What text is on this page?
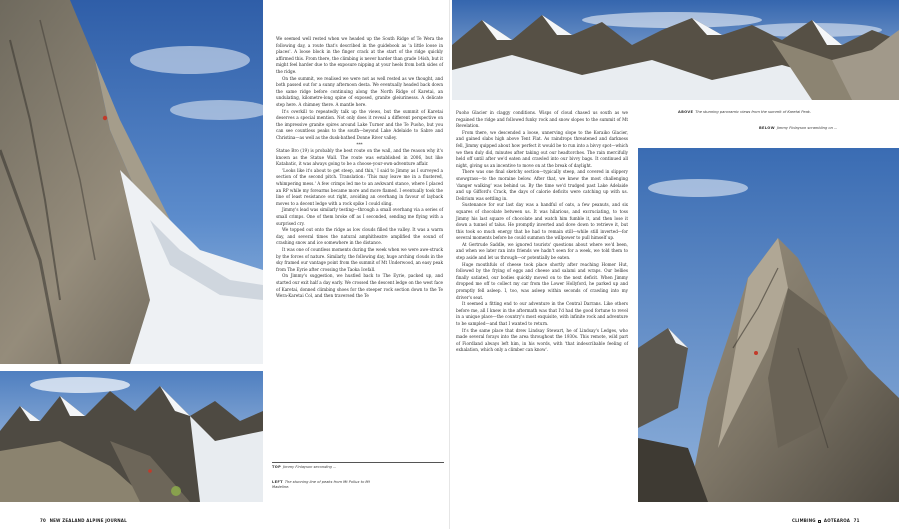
We seemed well rested when we headed up the South Ridge of Te Wera the following day, a route that's described in the guidebook as 'a little loose in places'. A loose block in the finger crack at the start of the ridge quickly affirmed this. From there, the climbing is never harder than grade 14ish, but it might feel harder due to the exposure nipping at your heels from both sides of the ridge.

On the summit, we realised we were not as well rested as we thought, and both passed out for a sunny afternoon desta. We eventually headed back down the same ridge before continuing along the North Ridge of Karetai, an undulating, kilometre-long spine of exposed, granite gleiurinesss. A delicate step here. A chimney there. A mantle here.

It's overkill to repeatedly talk up the views, but the summit of Karetai deserves a special mention. Not only does it reveal a different perspective on the impressive granite spires around Lake Turner and the Te Puoho, but you can see countless peaks to the south—beyond Lake Adelaide to Sabre and Christina—as well as the dusk-bathed Donne River valley.

***

Statue Bro (19) is probably the best route on the wall, and the reason why it's known as the Statue Wall. The route was established in 2006, but like Katabatic, it was always going to be a choose-your-own-adventure affair.

'Looks like it's about to get steep, and thin,' I said to Jimmy as I surveyed a section of the second pitch. Translation: 'This may leave me in a flustered, whimpering mess.' A few crimps led me to an awkward stance, where I placed an RP while my forearms became more and more flamed. I eventually took the line of least resistance out right, avoiding an overhang in favour of layback moves to a decent ledge with a rock spike I could sling.

Jimmy's lead was similarly testing—through a small overhang via a series of small crimps. One of them broke off as I seconded, sending me flying with a surprised cry.

We topped out onto the ridge as low clouds filled the valley. It was a warm day, and several times the natural amphitheatre amplified the sound of crashing snow and ice somewhere in the distance.

It was one of countless moments during the week when we were awe-struck by the forces of nature. Similarly, the following day, huge arching clouds in the sky framed our vantage point from the summit of Mt Underwood, an easy peak from The Eyrie after crossing the Taoka Icefall.

On Jimmy's suggestion, we hustled back to The Eyrie, packed up, and started our exit half a day early. We crossed the descent ledge on the west face of Karetai, donned climbing shoes for the steeper rock section down to the Te Wera-Karetai Col, and then traversed the Te

TOP Jimmy Finlayson seconding ...
LEFT The stunning line of peaks from Mt Pollux to Mt Madeline.
70 NEW ZEALAND ALPINE JOURNAL
ABOVE The stunning panoramic views from the summit of Karetai Peak.
BELOW Jimmy Finlayson scrambling on ...

Puoho Glacier in claggy conditions. Wisps of cloud chased us south as we regained the ridge and followed funky rock and snow slopes to the summit of Mt Revelation.

From there, we descended a loose, unnerving slope to the Koraiko Glacier, and gained slabs high above Tent Flat. As raindrops threatened and darkness fell, Jimmy quipped about how perfect it would be to run into a bivvy spot—which we then duly did, minutes after taking out our headtorches. The rain mercifully held off until after we'd eaten and crawled into our bivvy bags. It continued all night, giving us an incentive to move on at the break of daylight.

There was one final sketchy section—typically steep, and covered in slippery snowgrass—to the moraine below. After that, we knew the most challenging 'danger walking' was behind us. By the time we'd trudged past Lake Adelaide and up Gifford's Crack, the days of calorie deficits were catching up with us. Delirium was settling in.

Sustenance for our last day was a handful of oats, a few peanuts, and six squares of chocolate between us. It was hilarious, and excruciating, to toss Jimmy his last square of chocolate and watch him fumble it, and then lose it down a tunnel of talus. He promptly inverted and dove down to retrieve it, but this took so much energy that he had to remain still—while still inverted—for several moments before he could summon the willpower to pull himself up.

At Gertrude Saddle, we ignored tourists' questions about where we'd been, and when we later ran into friends we hadn't seen for a week, we told them to step aside and let us through—or potentially be eaten.

Huge mouthfuls of cheese took place shortly after reaching Homer Hut, followed by the frying of eggs and cheese and salami and wraps. Our bellies finally satiated, our bodies quickly moved on to the next deficit. When Jimmy dropped me off to collect my car from the Lower Hollyford, he parked up and promptly fell asleep. I, too, was asleep within seconds of crawling into my driver's seat.

It seemed a fitting end to our adventure in the Central Darrans. Like others before me, all I knew in the aftermath was that I'd had the good fortune to revel in a unique place—the country's most exquisite, with infinite rock and adventure to be sampled—and that I wanted to return.

It's the same place that drew Lindsay Stewart, he of Lindsay's Ledges, who made several forays into the area throughout the 1930s. This remote, wild part of Fiordland always left him, in his words, with 'that indescribable feeling of exhalation, which only a climber can know'.

CLIMBING AOTEAROA 71
